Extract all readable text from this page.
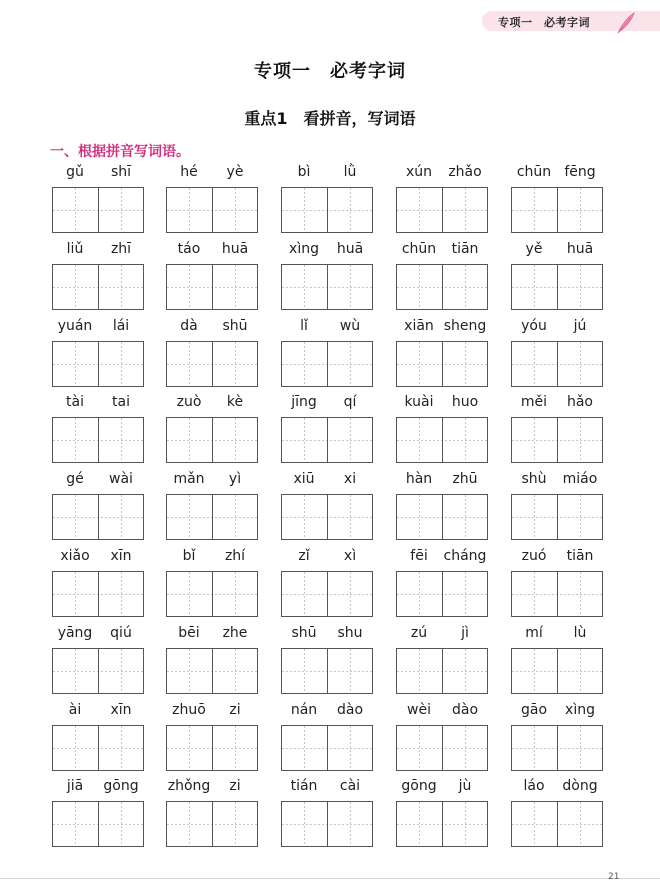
专项一　必考字词
专项一　必考字词
重点1　看拼音，写词语
一、根据拼音写词语。
gǔ	shī	hé	yè	bì	lǜ	xún	zhǎo	chūn fēng
liǔ	zhī	táo	huā	xìng	huā	chūn	tiān	yě	huā
yuán	lái	dà	shū	lǐ	wù	xiān sheng	yóu	jú
tài	tai	zuò	kè	jīng	qí	kuài	huo	měi	hǎo
gé	wài	mǎn	yì	xiū	xi	hàn	zhū	shù	miáo
xiǎo	xīn	bǐ	zhí	zǐ	xì	fēi	cháng	zuó	tiān
yāng	qiú	bēi	zhe	shū	shu	zú	jì	mí	lù
ài	xīn	zhuō	zi	nán	dào	wèi	dào	gāo	xìng
jiā	gōng	zhǒng	zi	tián	cài	gōng	jù	láo	dòng
21
